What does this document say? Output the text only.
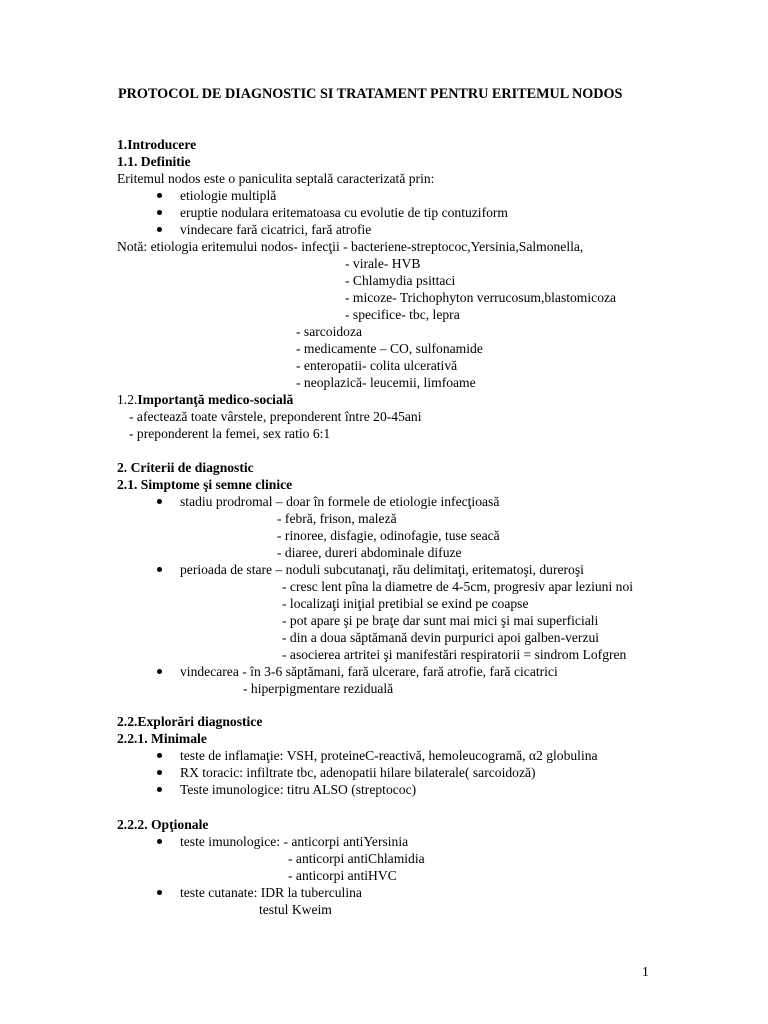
PROTOCOL DE DIAGNOSTIC SI TRATAMENT PENTRU ERITEMUL NODOS
1.Introducere
1.1. Definitie
Eritemul nodos este o paniculita septală caracterizată prin:
etiologie multiplă
eruptie nodulara eritematoasa cu evolutie de tip contuziform
vindecare fară cicatrici, fară atrofie
Notă: etiologia eritemului nodos- infecţii - bacteriene-streptococ,Yersinia,Salmonella,
- virale- HVB
- Chlamydia psittaci
- micoze- Trichophyton verrucosum,blastomicoza
- specifice- tbc, lepra
- sarcoidoza
- medicamente – CO, sulfonamide
- enteropatii- colita ulcerativă
- neoplazică- leucemii, limfoame
1.2.Importanţă medico-socială
- afectează toate vârstele, preponderent între 20-45ani
- preponderent la femei, sex ratio 6:1
2. Criterii de diagnostic
2.1. Simptome şi semne clinice
stadiu prodromal – doar în formele de etiologie infecţioasă
- febră, frison, maleză
- rinoree, disfagie, odinofagie, tuse seacă
- diaree, dureri abdominale difuze
perioada de stare – noduli subcutanaţi, rău delimitaţi, eritematoşi, dureroşi
- cresc lent pîna la diametre de 4-5cm, progresiv apar leziuni noi
- localizaţi iniţial pretibial se exind pe coapse
- pot apare şi pe braţe dar sunt mai mici şi mai superficiali
- din a doua săptămană devin purpurici apoi galben-verzui
- asocierea artritei şi manifestări respiratorii = sindrom Lofgren
vindecarea - în 3-6 săptămani, fară ulcerare, fară atrofie, fară cicatrici
- hiperpigmentare reziduală
2.2.Explorări diagnostice
2.2.1. Minimale
teste de inflamaţie: VSH, proteineC-reactivă, hemoleucogramă, α2 globulina
RX toracic: infiltrate tbc, adenopatii hilare bilaterale( sarcoidoză)
Teste imunologice: titru ALSO (streptococ)
2.2.2. Opţionale
teste imunologice: - anticorpi antiYersinia
- anticorpi antiChlamidia
- anticorpi antiHVC
teste cutanate: IDR la tuberculina
testul Kweim
1
